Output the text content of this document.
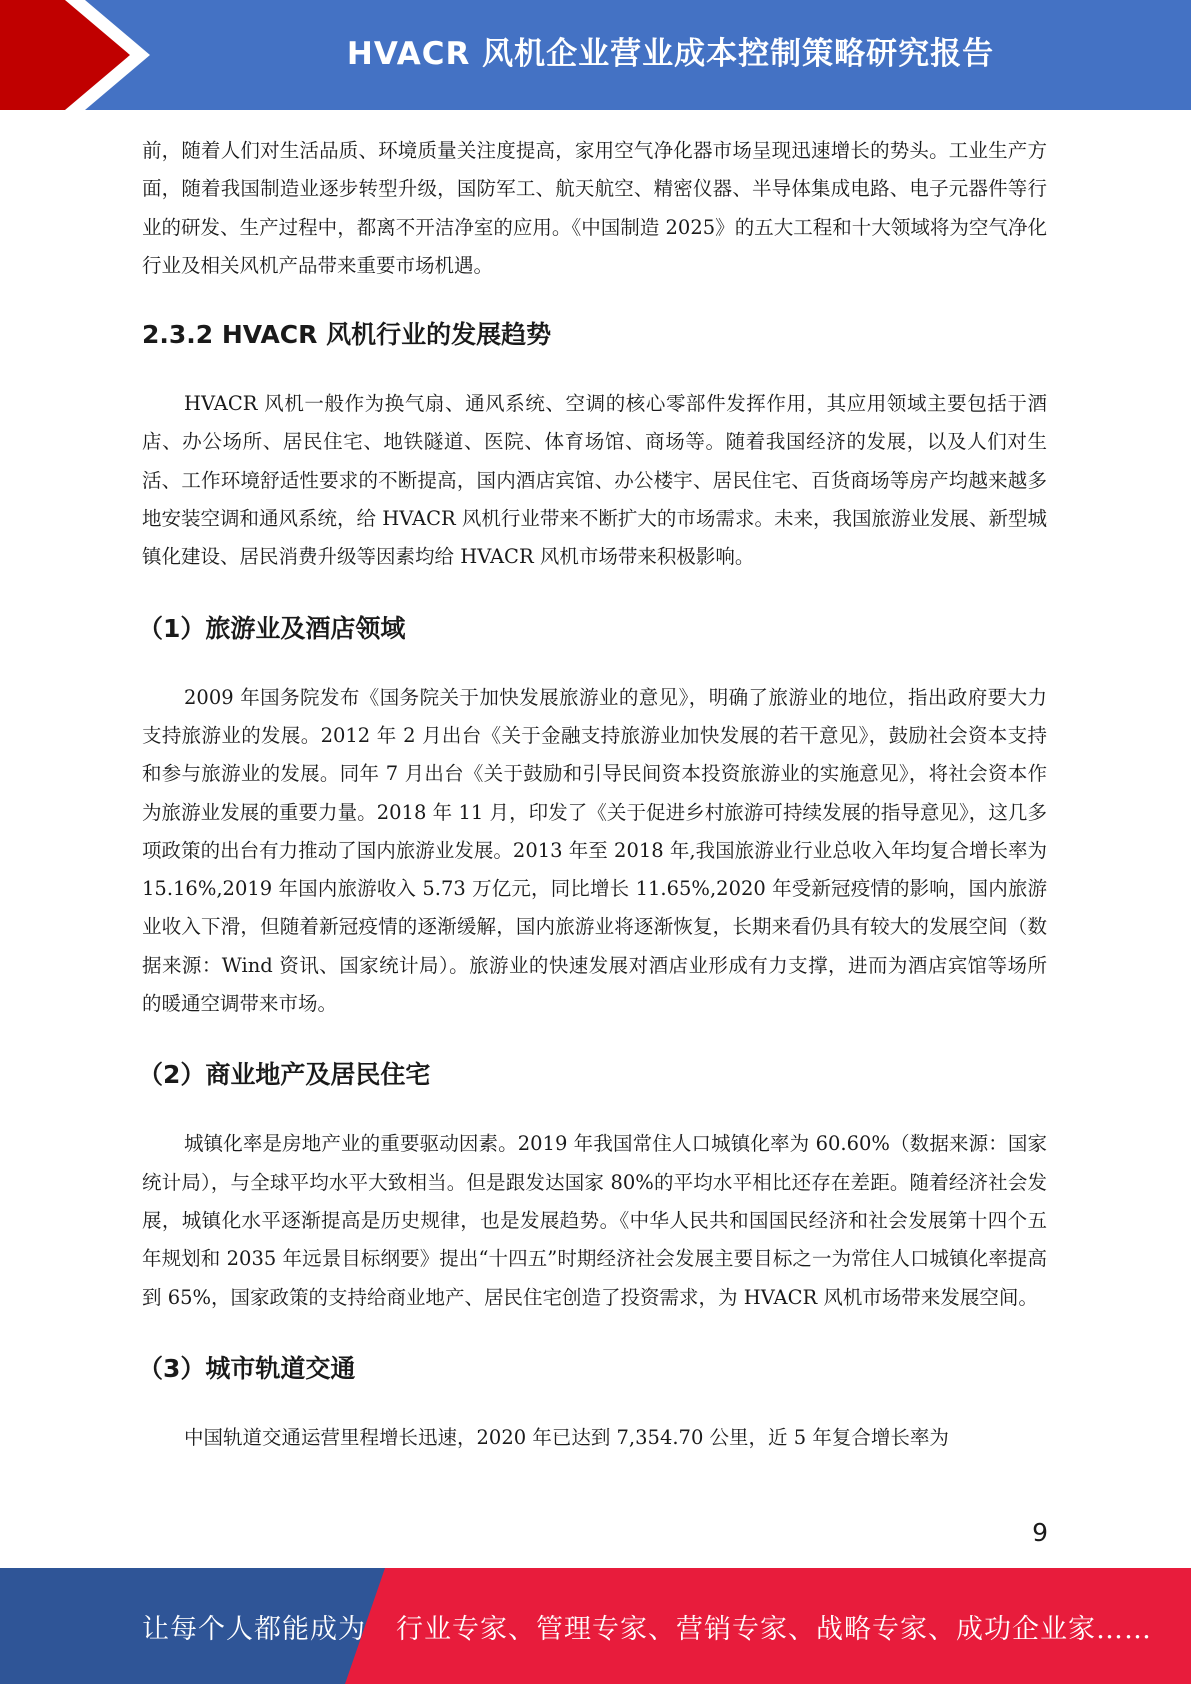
HVACR 风机企业营业成本控制策略研究报告

前，随着人们对生活品质、环境质量关注度提高，家用空气净化器市场呈现迅速增长的势头。工业生产方面，随着我国制造业逐步转型升级，国防军工、航天航空、精密仪器、半导体集成电路、电子元器件等行业的研发、生产过程中，都离不开洁净室的应用。《中国制造 2025》的五大工程和十大领域将为空气净化行业及相关风机产品带来重要市场机遇。

2.3.2 HVACR 风机行业的发展趋势

HVACR 风机一般作为换气扇、通风系统、空调的核心零部件发挥作用，其应用领域主要包括于酒店、办公场所、居民住宅、地铁隧道、医院、体育场馆、商场等。随着我国经济的发展，以及人们对生活、工作环境舒适性要求的不断提高，国内酒店宾馆、办公楼宇、居民住宅、百货商场等房产均越来越多地安装空调和通风系统，给 HVACR 风机行业带来不断扩大的市场需求。未来，我国旅游业发展、新型城镇化建设、居民消费升级等因素均给 HVACR 风机市场带来积极影响。

（1）旅游业及酒店领域

2009 年国务院发布《国务院关于加快发展旅游业的意见》，明确了旅游业的地位，指出政府要大力支持旅游业的发展。2012 年 2 月出台《关于金融支持旅游业加快发展的若干意见》，鼓励社会资本支持和参与旅游业的发展。同年 7 月出台《关于鼓励和引导民间资本投资旅游业的实施意见》，将社会资本作为旅游业发展的重要力量。2018 年 11 月，印发了《关于促进乡村旅游可持续发展的指导意见》，这几多项政策的出台有力推动了国内旅游业发展。2013 年至 2018 年,我国旅游业行业总收入年均复合增长率为 15.16%,2019 年国内旅游收入 5.73 万亿元，同比增长 11.65%,2020 年受新冠疫情的影响，国内旅游业收入下滑，但随着新冠疫情的逐渐缓解，国内旅游业将逐渐恢复，长期来看仍具有较大的发展空间（数据来源：Wind 资讯、国家统计局）。旅游业的快速发展对酒店业形成有力支撑，进而为酒店宾馆等场所的暖通空调带来市场。

（2）商业地产及居民住宅

城镇化率是房地产业的重要驱动因素。2019 年我国常住人口城镇化率为 60.60%（数据来源：国家统计局），与全球平均水平大致相当。但是跟发达国家 80%的平均水平相比还存在差距。随着经济社会发展，城镇化水平逐渐提高是历史规律，也是发展趋势。《中华人民共和国国民经济和社会发展第十四个五年规划和 2035 年远景目标纲要》提出“十四五”时期经济社会发展主要目标之一为常住人口城镇化率提高到 65%，国家政策的支持给商业地产、居民住宅创造了投资需求，为 HVACR 风机市场带来发展空间。

（3）城市轨道交通

中国轨道交通运营里程增长迅速，2020 年已达到 7,354.70 公里，近 5 年复合增长率为

9
让每个人都能成为 行业专家、管理专家、营销专家、战略专家、成功企业家……
